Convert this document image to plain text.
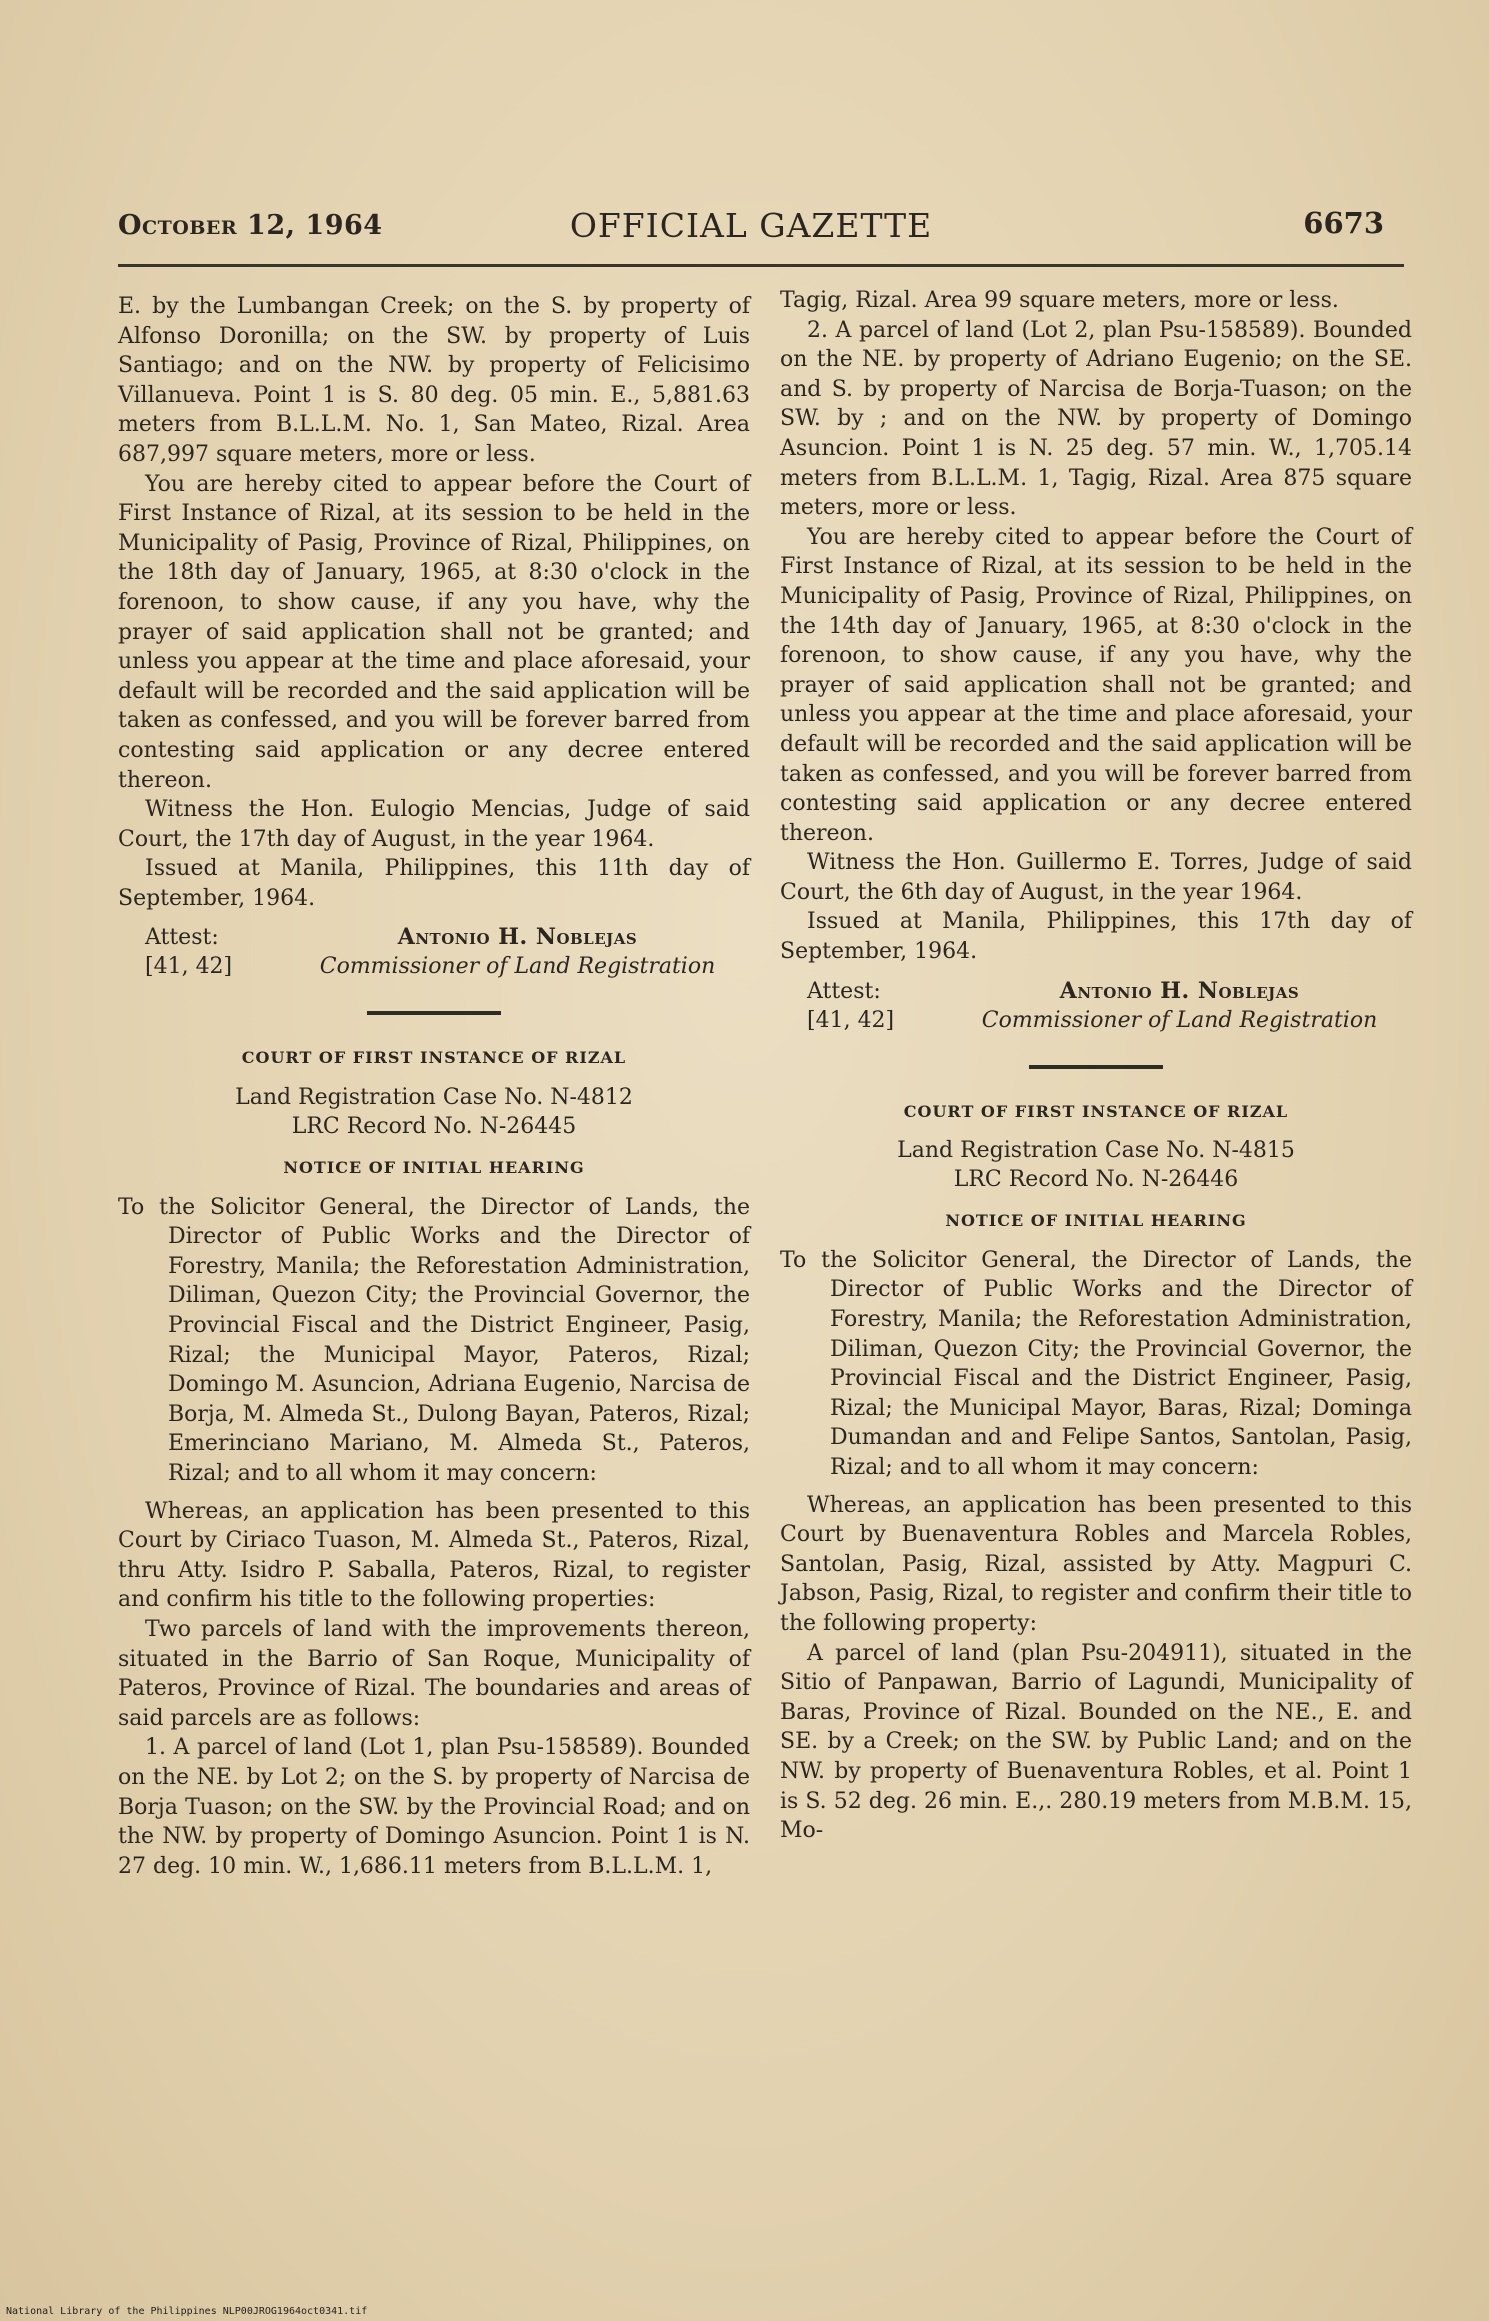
October 12, 1964	OFFICIAL GAZETTE	6673

E. by the Lumbangan Creek; on the S. by property of Alfonso Doronilla; on the SW. by property of Luis Santiago; and on the NW. by property of Felicisimo Villanueva. Point 1 is S. 80 deg. 05 min. E., 5,881.63 meters from B.L.L.M. No. 1, San Mateo, Rizal. Area 687,997 square meters, more or less.

You are hereby cited to appear before the Court of First Instance of Rizal, at its session to be held in the Municipality of Pasig, Province of Rizal, Philippines, on the 18th day of January, 1965, at 8:30 o'clock in the forenoon, to show cause, if any you have, why the prayer of said application shall not be granted; and unless you appear at the time and place aforesaid, your default will be recorded and the said application will be taken as confessed, and you will be forever barred from contesting said application or any decree entered thereon.

Witness the Hon. Eulogio Mencias, Judge of said Court, the 17th day of August, in the year 1964.

Issued at Manila, Philippines, this 11th day of September, 1964.

Attest:
[41, 42]
Antonio H. Noblejas
Commissioner of Land Registration
COURT OF FIRST INSTANCE OF RIZAL
Land Registration Case No. N-4812
LRC Record No. N-26445
NOTICE OF INITIAL HEARING

To the Solicitor General, the Director of Lands, the Director of Public Works and the Director of Forestry, Manila; the Reforestation Administration, Diliman, Quezon City; the Provincial Governor, the Provincial Fiscal and the District Engineer, Pasig, Rizal; the Municipal Mayor, Pateros, Rizal; Domingo M. Asuncion, Adriana Eugenio, Narcisa de Borja, M. Almeda St., Dulong Bayan, Pateros, Rizal; Emerinciano Mariano, M. Almeda St., Pateros, Rizal; and to all whom it may concern:

Whereas, an application has been presented to this Court by Ciriaco Tuason, M. Almeda St., Pateros, Rizal, thru Atty. Isidro P. Saballa, Pateros, Rizal, to register and confirm his title to the following properties:

Two parcels of land with the improvements thereon, situated in the Barrio of San Roque, Municipality of Pateros, Province of Rizal. The boundaries and areas of said parcels are as follows:

1. A parcel of land (Lot 1, plan Psu-158589). Bounded on the NE. by Lot 2; on the S. by property of Narcisa de Borja Tuason; on the SW. by the Provincial Road; and on the NW. by property of Domingo Asuncion. Point 1 is N. 27 deg. 10 min. W., 1,686.11 meters from B.L.L.M. 1,

Tagig, Rizal. Area 99 square meters, more or less.

2. A parcel of land (Lot 2, plan Psu-158589). Bounded on the NE. by property of Adriano Eugenio; on the SE. and S. by property of Narcisa de Borja-Tuason; on the SW. by ; and on the NW. by property of Domingo Asuncion. Point 1 is N. 25 deg. 57 min. W., 1,705.14 meters from B.L.L.M. 1, Tagig, Rizal. Area 875 square meters, more or less.

You are hereby cited to appear before the Court of First Instance of Rizal, at its session to be held in the Municipality of Pasig, Province of Rizal, Philippines, on the 14th day of January, 1965, at 8:30 o'clock in the forenoon, to show cause, if any you have, why the prayer of said application shall not be granted; and unless you appear at the time and place aforesaid, your default will be recorded and the said application will be taken as confessed, and you will be forever barred from contesting said application or any decree entered thereon.

Witness the Hon. Guillermo E. Torres, Judge of said Court, the 6th day of August, in the year 1964.

Issued at Manila, Philippines, this 17th day of September, 1964.

Attest:
[41, 42]
Antonio H. Noblejas
Commissioner of Land Registration
COURT OF FIRST INSTANCE OF RIZAL
Land Registration Case No. N-4815
LRC Record No. N-26446
NOTICE OF INITIAL HEARING

To the Solicitor General, the Director of Lands, the Director of Public Works and the Director of Forestry, Manila; the Reforestation Administration, Diliman, Quezon City; the Provincial Governor, the Provincial Fiscal and the District Engineer, Pasig, Rizal; the Municipal Mayor, Baras, Rizal; Dominga Dumandan and and Felipe Santos, Santolan, Pasig, Rizal; and to all whom it may concern:

Whereas, an application has been presented to this Court by Buenaventura Robles and Marcela Robles, Santolan, Pasig, Rizal, assisted by Atty. Magpuri C. Jabson, Pasig, Rizal, to register and confirm their title to the following property:

A parcel of land (plan Psu-204911), situated in the Sitio of Panpawan, Barrio of Lagundi, Municipality of Baras, Province of Rizal. Bounded on the NE., E. and SE. by a Creek; on the SW. by Public Land; and on the NW. by property of Buenaventura Robles, et al. Point 1 is S. 52 deg. 26 min. E.,. 280.19 meters from M.B.M. 15, Mo-

National Library of the Philippines NLP00JROG1964oct0341.tif
